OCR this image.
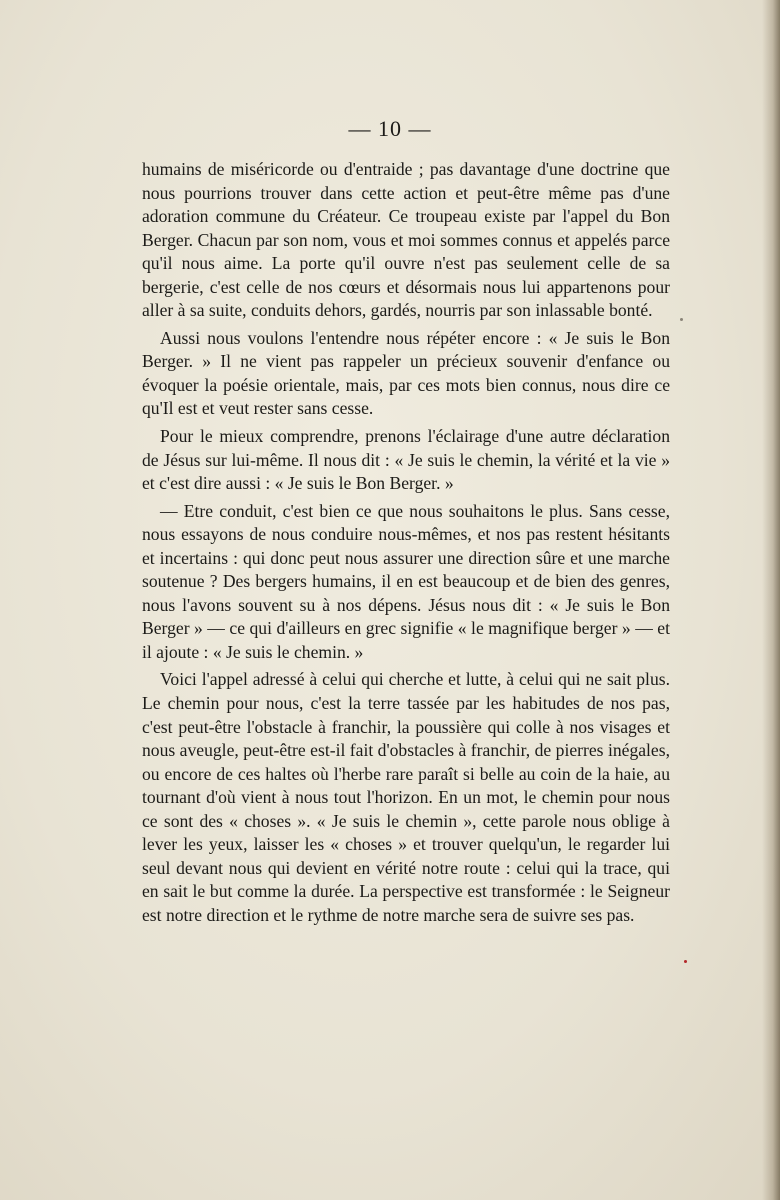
— 10 —

humains de miséricorde ou d'entraide ; pas davantage d'une doctrine que nous pourrions trouver dans cette action et peut-être même pas d'une adoration commune du Créateur. Ce troupeau existe par l'appel du Bon Berger. Chacun par son nom, vous et moi sommes connus et appelés parce qu'il nous aime. La porte qu'il ouvre n'est pas seulement celle de sa bergerie, c'est celle de nos cœurs et désormais nous lui appartenons pour aller à sa suite, conduits dehors, gardés, nourris par son inlassable bonté.

Aussi nous voulons l'entendre nous répéter encore : « Je suis le Bon Berger. » Il ne vient pas rappeler un précieux souvenir d'enfance ou évoquer la poésie orientale, mais, par ces mots bien connus, nous dire ce qu'Il est et veut rester sans cesse.

Pour le mieux comprendre, prenons l'éclairage d'une autre déclaration de Jésus sur lui-même. Il nous dit : « Je suis le chemin, la vérité et la vie » et c'est dire aussi : « Je suis le Bon Berger. »

— Etre conduit, c'est bien ce que nous souhaitons le plus. Sans cesse, nous essayons de nous conduire nous-mêmes, et nos pas restent hésitants et incertains : qui donc peut nous assurer une direction sûre et une marche soutenue ? Des bergers humains, il en est beaucoup et de bien des genres, nous l'avons souvent su à nos dépens. Jésus nous dit : « Je suis le Bon Berger » — ce qui d'ailleurs en grec signifie « le magnifique berger » — et il ajoute : « Je suis le chemin. »

Voici l'appel adressé à celui qui cherche et lutte, à celui qui ne sait plus. Le chemin pour nous, c'est la terre tassée par les habitudes de nos pas, c'est peut-être l'obstacle à franchir, la poussière qui colle à nos visages et nous aveugle, peut-être est-il fait d'obstacles à franchir, de pierres inégales, ou encore de ces haltes où l'herbe rare paraît si belle au coin de la haie, au tournant d'où vient à nous tout l'horizon. En un mot, le chemin pour nous ce sont des « choses ». « Je suis le chemin », cette parole nous oblige à lever les yeux, laisser les « choses » et trouver quelqu'un, le regarder lui seul devant nous qui devient en vérité notre route : celui qui la trace, qui en sait le but comme la durée. La perspective est transformée : le Seigneur est notre direction et le rythme de notre marche sera de suivre ses pas.
